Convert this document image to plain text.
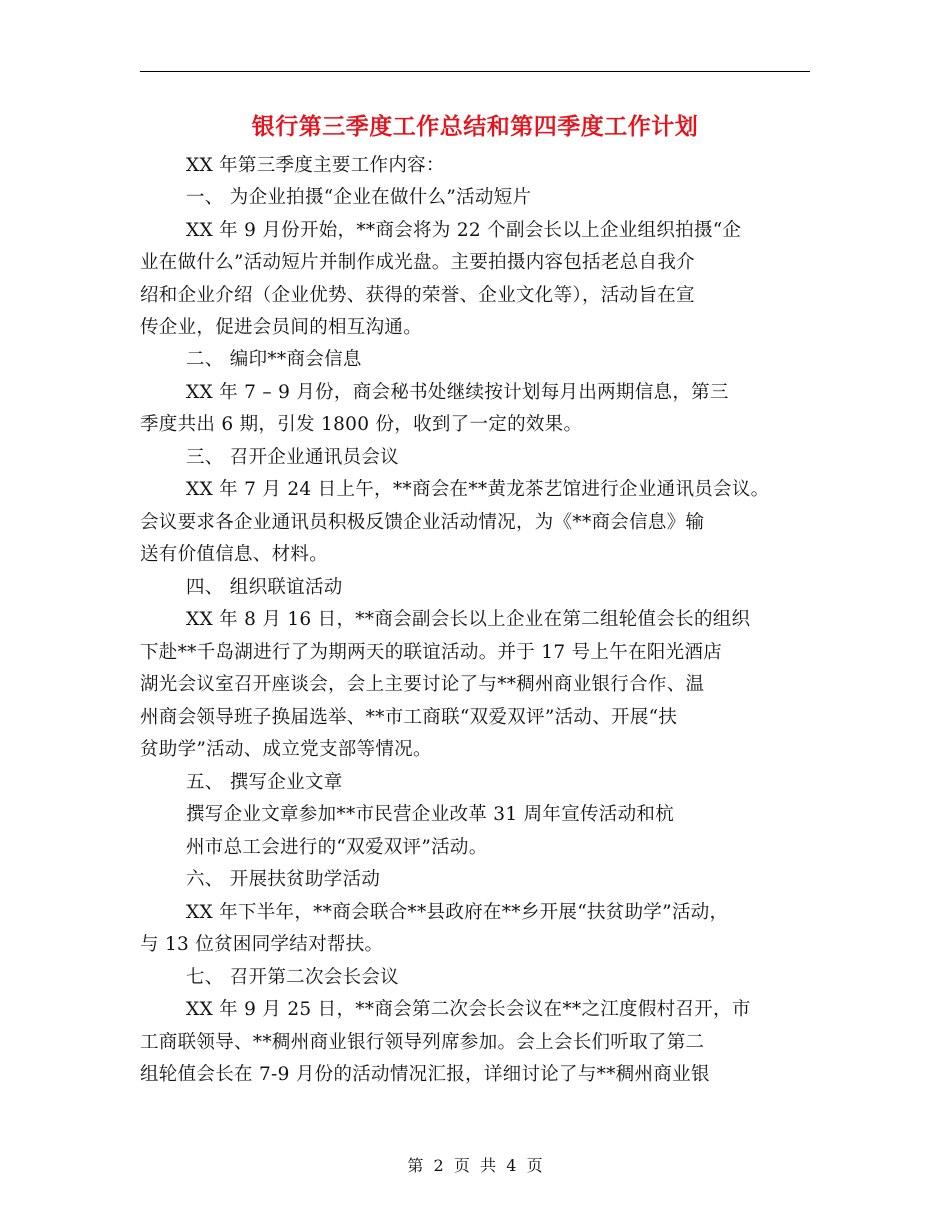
银行第三季度工作总结和第四季度工作计划
XX 年第三季度主要工作内容：
一、 为企业拍摄“企业在做什么”活动短片
XX 年 9 月份开始，**商会将为 22 个副会长以上企业组织拍摄“企
业在做什么”活动短片并制作成光盘。主要拍摄内容包括老总自我介
绍和企业介绍（企业优势、获得的荣誉、企业文化等），活动旨在宣
传企业，促进会员间的相互沟通。
二、 编印**商会信息
XX 年 7 – 9 月份，商会秘书处继续按计划每月出两期信息，第三
季度共出 6 期，引发 1800 份，收到了一定的效果。
三、 召开企业通讯员会议
XX 年 7 月 24 日上午，**商会在**黄龙茶艺馆进行企业通讯员会议。
会议要求各企业通讯员积极反馈企业活动情况，为《**商会信息》输
送有价值信息、材料。
四、 组织联谊活动
XX 年 8 月 16 日，**商会副会长以上企业在第二组轮值会长的组织
下赴**千岛湖进行了为期两天的联谊活动。并于 17 号上午在阳光酒店
湖光会议室召开座谈会，会上主要讨论了与**稠州商业银行合作、温
州商会领导班子换届选举、**市工商联“双爱双评”活动、开展“扶
贫助学”活动、成立党支部等情况。
五、 撰写企业文章
撰写企业文章参加**市民营企业改革 31 周年宣传活动和杭
州市总工会进行的“双爱双评”活动。
六、 开展扶贫助学活动
XX 年下半年，**商会联合**县政府在**乡开展“扶贫助学”活动，
与 13 位贫困同学结对帮扶。
七、 召开第二次会长会议
XX 年 9 月 25 日，**商会第二次会长会议在**之江度假村召开，市
工商联领导、**稠州商业银行领导列席参加。会上会长们听取了第二
组轮值会长在 7-9 月份的活动情况汇报，详细讨论了与**稠州商业银
第  2  页  共  4  页
